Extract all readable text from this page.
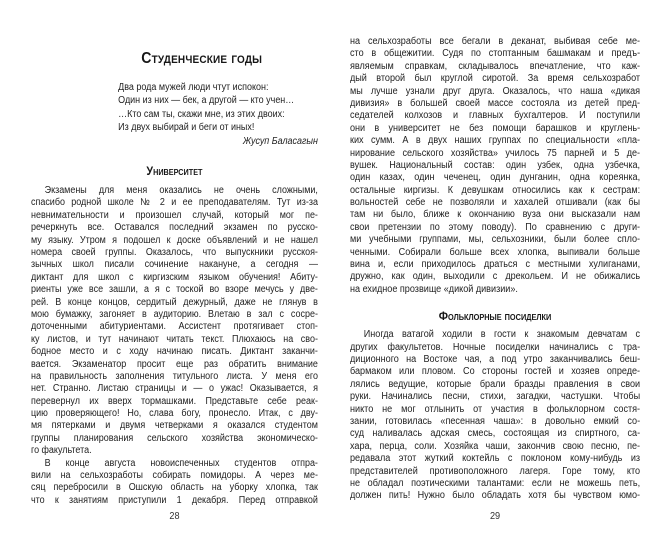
Студенческие годы
Два рода мужей люди чтут испокон:
Один из них — бек, а другой — кто учен…
…Кто сам ты, скажи мне, из этих двоих:
Из двух выбирай и беги от иных!
Жусуп Баласагын
Университет
Экзамены для меня оказались не очень сложными,
спасибо родной школе № 2 и ее преподавателям. Тут из-за
невнимательности и произошел случай, который мог пе-
речеркнуть все. Оставался последний экзамен по русско-
му языку. Утром я подошел к доске объявлений и не нашел
номера своей группы. Оказалось, что выпускники русскоя-
зычных школ писали сочинение накануне, а сегодня —
диктант для школ с киргизским языком обучения! Абиту-
риенты уже все зашли, а я с тоской во взоре мечусь у две-
рей. В конце концов, сердитый дежурный, даже не глянув в
мою бумажку, загоняет в аудиторию. Влетаю в зал с сосре-
доточенными абитуриентами. Ассистент протягивает стоп-
ку листов, и тут начинают читать текст. Плюхаюсь на сво-
бодное место и с ходу начинаю писать. Диктант заканчи-
вается. Экзаменатор просит еще раз обратить внимание
на правильность заполнения титульного листа. У меня его
нет. Странно. Листаю страницы и — о ужас! Оказывается, я
перевернул их вверх тормашками. Представьте себе реак-
цию проверяющего! Но, слава богу, пронесло. Итак, с дву-
мя пятерками и двумя четверками я оказался студентом
группы планирования сельского хозяйства экономическо-
го факультета.
В конце августа новоиспеченных студентов отпра-
вили на сельхозработы собирать помидоры. А через ме-
сяц перебросили в Ошскую область на уборку хлопка, так
что к занятиям приступили 1 декабря. Перед отправкой
28
на сельхозработы все бегали в деканат, выбивая себе ме-
сто в общежитии. Судя по стоптанным башмакам и предъ-
являемым справкам, складывалось впечатление, что каж-
дый второй был круглой сиротой. За время сельхозработ
мы лучше узнали друг друга. Оказалось, что наша «дикая
дивизия» в большей своей массе состояла из детей пред-
седателей колхозов и главных бухгалтеров. И поступили
они в университет не без помощи барашков и круглень-
ких сумм. А в двух наших группах по специальности «пла-
нирование сельского хозяйства» училось 75 парней и 5 де-
вушек. Национальный состав: один узбек, одна узбечка,
один казах, один чеченец, один дунганин, одна кореянка,
остальные киргизы. К девушкам относились как к сестрам:
вольностей себе не позволяли и хахалей отшивали (как бы
там ни было, ближе к окончанию вуза они высказали нам
свои претензии по этому поводу). По сравнению с други-
ми учебными группами, мы, сельхозники, были более спло-
ченными. Собирали больше всех хлопка, выпивали больше
вина и, если приходилось драться с местными хулиганами,
дружно, как один, выходили с дрекольем. И не обижались
на ехидное прозвище «дикой дивизии».
Фольклорные посиделки
Иногда ватагой ходили в гости к знакомым девчатам с
других факультетов. Ночные посиделки начинались с тра-
диционного на Востоке чая, а под утро заканчивались беш-
бармаком или пловом. Со стороны гостей и хозяев опреде-
лялись ведущие, которые брали бразды правления в свои
руки. Начинались песни, стихи, загадки, частушки. Чтобы
никто не мог отлынить от участия в фольклорном состя-
зании, готовилась «песенная чаша»: в довольно емкий со-
суд наливалась адская смесь, состоящая из спиртного, са-
хара, перца, соли. Хозяйка чаши, закончив свою песню, пе-
редавала этот жуткий коктейль с поклоном кому-нибудь из
представителей противоположного лагеря. Горе тому, кто
не обладал поэтическими талантами: если не можешь петь,
должен пить! Нужно было обладать хотя бы чувством юмо-
29
